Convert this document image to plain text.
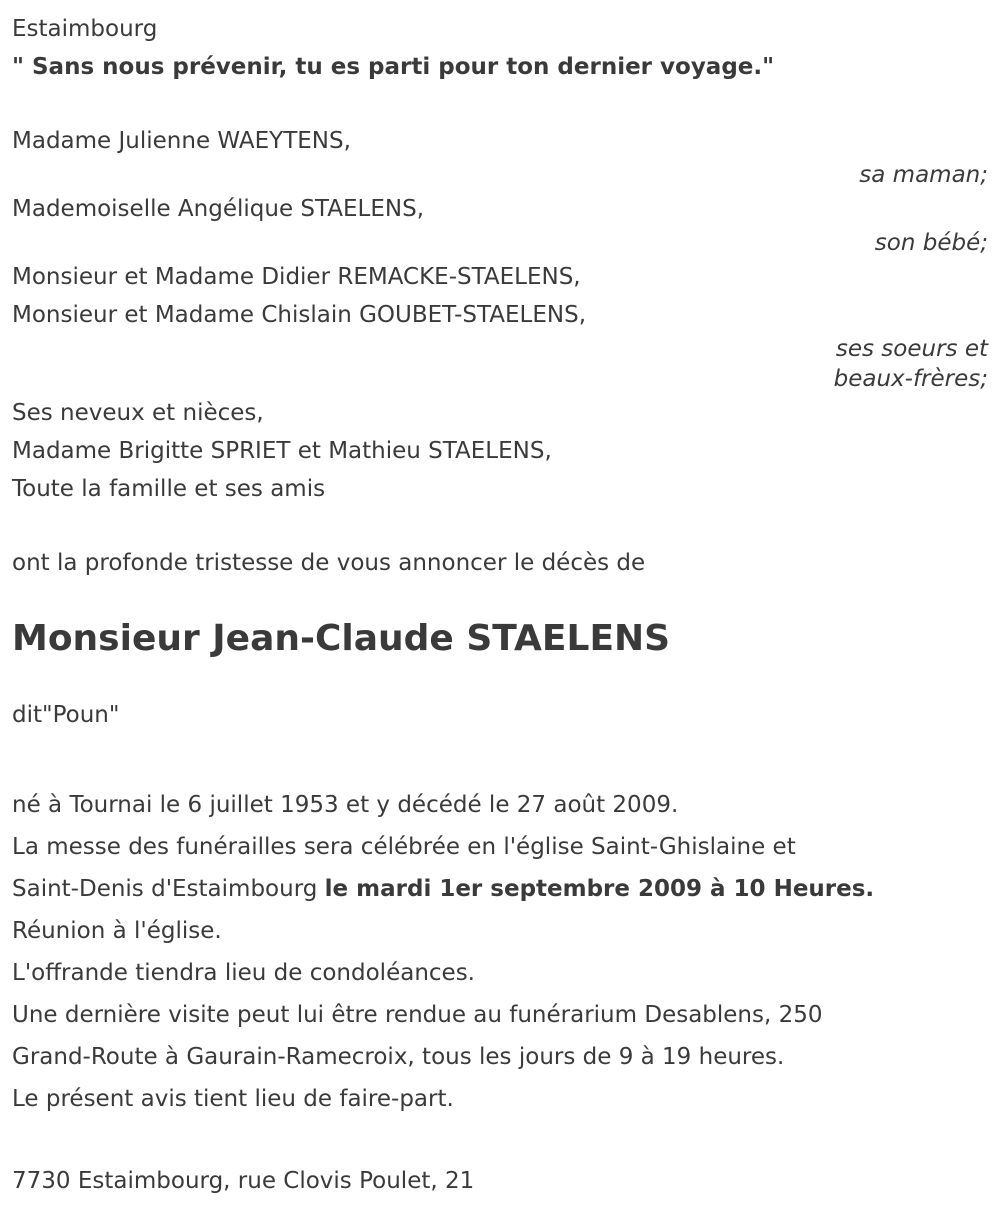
Estaimbourg

" Sans nous prévenir, tu es parti pour ton dernier voyage."

Madame Julienne WAEYTENS,

sa maman;

Mademoiselle Angélique STAELENS,

son bébé;

Monsieur et Madame Didier REMACKE-STAELENS,

Monsieur et Madame Chislain GOUBET-STAELENS,

ses soeurs et

beaux-frères;

Ses neveux et nièces,

Madame Brigitte SPRIET et Mathieu STAELENS,

Toute la famille et ses amis

ont la profonde tristesse de vous annoncer le décès de

Monsieur Jean-Claude STAELENS

dit"Poun"

né à Tournai le 6 juillet 1953 et y décédé le 27 août 2009.

La messe des funérailles sera célébrée en l'église Saint-Ghislaine et

Saint-Denis d'Estaimbourg le mardi 1er septembre 2009 à 10 Heures.

Réunion à l'église.

L'offrande tiendra lieu de condoléances.

Une dernière visite peut lui être rendue au funérarium Desablens, 250

Grand-Route à Gaurain-Ramecroix, tous les jours de 9 à 19 heures.

Le présent avis tient lieu de faire-part.

7730 Estaimbourg, rue Clovis Poulet, 21
